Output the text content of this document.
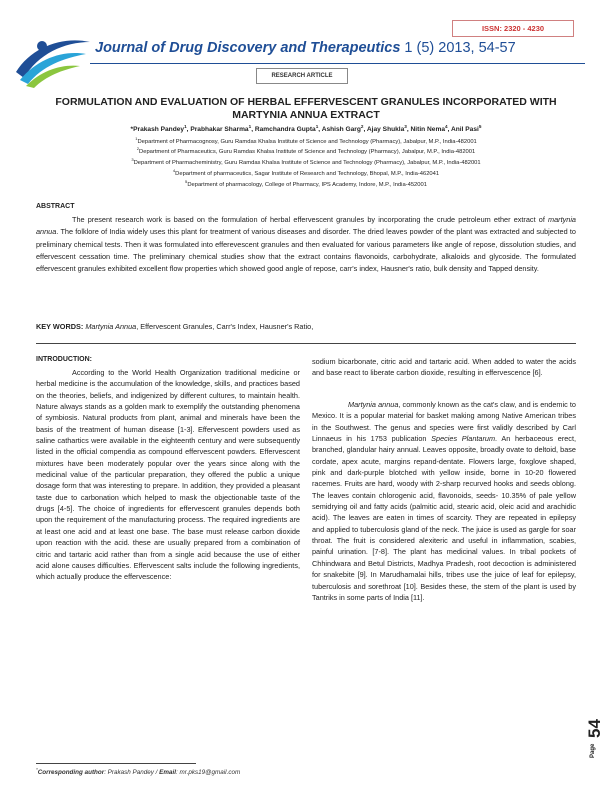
ISSN: 2320 - 4230
Journal of Drug Discovery and Therapeutics 1 (5) 2013, 54-57
RESEARCH ARTICLE
FORMULATION AND EVALUATION OF HERBAL EFFERVESCENT GRANULES INCORPORATED WITH MARTYNIA ANNUA EXTRACT
*Prakash Pandey$^1$, Prabhakar Sharma$^1$, Ramchandra Gupta$^1$, Ashish Garg$^2$, Ajay Shukla$^3$, Nitin Nema$^4$, Anil Pasi$^5$
$^1$Department of Pharmacognosy, Guru Ramdas Khalsa Institute of Science and Technology (Pharmacy), Jabalpur, M.P., India-482001
$^2$Department of Pharmaceutics, Guru Ramdas Khalsa Institute of Science and Technology (Pharmacy), Jabalpur, M.P., India-482001
$^3$Department of Pharmacheministry, Guru Ramdas Khalsa Institute of Science and Technology (Pharmacy), Jabalpur, M.P., India-482001
$^4$Department of pharmaceutics, Sagar Institute of Research and Technology, Bhopal, M.P., India-462041
$^5$Department of pharmacology, College of Pharmacy, IPS Academy, Indore, M.P., India-452001
ABSTRACT
The present research work is based on the formulation of herbal effervescent granules by incorporating the crude petroleum ether extract of martynia annua. The folklore of India widely uses this plant for treatment of various diseases and disorder. The dried leaves powder of the plant was extracted and subjected to preliminary chemical tests. Then it was formulated into efferevescent granules and then evaluated for various parameters like angle of repose, dissolution studies, and effervescent cessation time. The preliminary chemical studies show that the extract contains flavonoids, carbohydrate, alkaloids and glycoside. The formulated effervescent granules exhibited excellent flow properties which showed good angle of repose, carr's index, Hausner's ratio, bulk density and Tapped density.
KEY WORDS: Martynia Annua, Effervescent Granules, Carr's Index, Hausner's Ratio,
INTRODUCTION:
According to the World Health Organization traditional medicine or herbal medicine is the accumulation of the knowledge, skills, and practices based on the theories, beliefs, and indigenized by different cultures, to maintain health. Nature always stands as a golden mark to exemplify the outstanding phenomena of symbiosis. Natural products from plant, animal and minerals have been the basis of the treatment of human disease [1-3]. Effervescent powders used as saline cathartics were available in the eighteenth century and were subsequently listed in the official compendia as compound effervescent powders. Effervescent mixtures have been moderately popular over the years since along with the medicinal value of the particular preparation, they offered the public a unique dosage form that was interesting to prepare. In addition, they provided a pleasant taste due to carbonation which helped to mask the objectionable taste of the drugs [4-5]. The choice of ingredients for effervescent granules depends both upon the requirement of the manufacturing process. The required ingredients are at least one acid and at least one base. The base must release carbon dioxide upon reaction with the acid. these are usually prepared from a combination of citric and tartaric acid rather than from a single acid because the use of either acid alone causes difficulties. Effervescent salts include the following ingredients, which actually produce the effervescence:
sodium bicarbonate, citric acid and tartaric acid. When added to water the acids and base react to liberate carbon dioxide, resulting in effervescence [6].
Martynia annua, commonly known as the cat's claw, and is endemic to Mexico. It is a popular material for basket making among Native American tribes in the Southwest. The genus and species were first validly described by Carl Linnaeus in his 1753 publication Species Plantarum. An herbaceous erect, branched, glandular hairy annual. Leaves opposite, broadly ovate to deltoid, base cordate, apex acute, margins repand-dentate. Flowers large, foxglove shaped, pink and dark-purple blotched with yellow inside, borne in 10-20 flowered racemes. Fruits are hard, woody with 2-sharp recurved hooks and seeds oblong. The leaves contain chlorogenic acid, flavonoids, seeds- 10.35% of pale yellow semidrying oil and fatty acids (palmitic acid, stearic acid, oleic acid and arachidic acid). The leaves are eaten in times of scarcity. They are repeated in epilepsy and applied to tuberculosis gland of the neck. The juice is used as gargle for soar throat. The fruit is considered alexiteric and useful in inflammation, scabies, painful urination. [7-8]. The plant has medicinal values. In tribal pockets of Chhindwara and Betul Districts, Madhya Pradesh, root decoction is administered for snakebite [9]. In Marudhamalai hills, tribes use the juice of leaf for epilepsy, tuberculosis and sorethroat [10]. Besides these, the stem of the plant is used by Tantriks in some parts of India [11].
Page
54
*Corresponding author: Prakash Pandey / Email: mr.pks19@gmail.com
